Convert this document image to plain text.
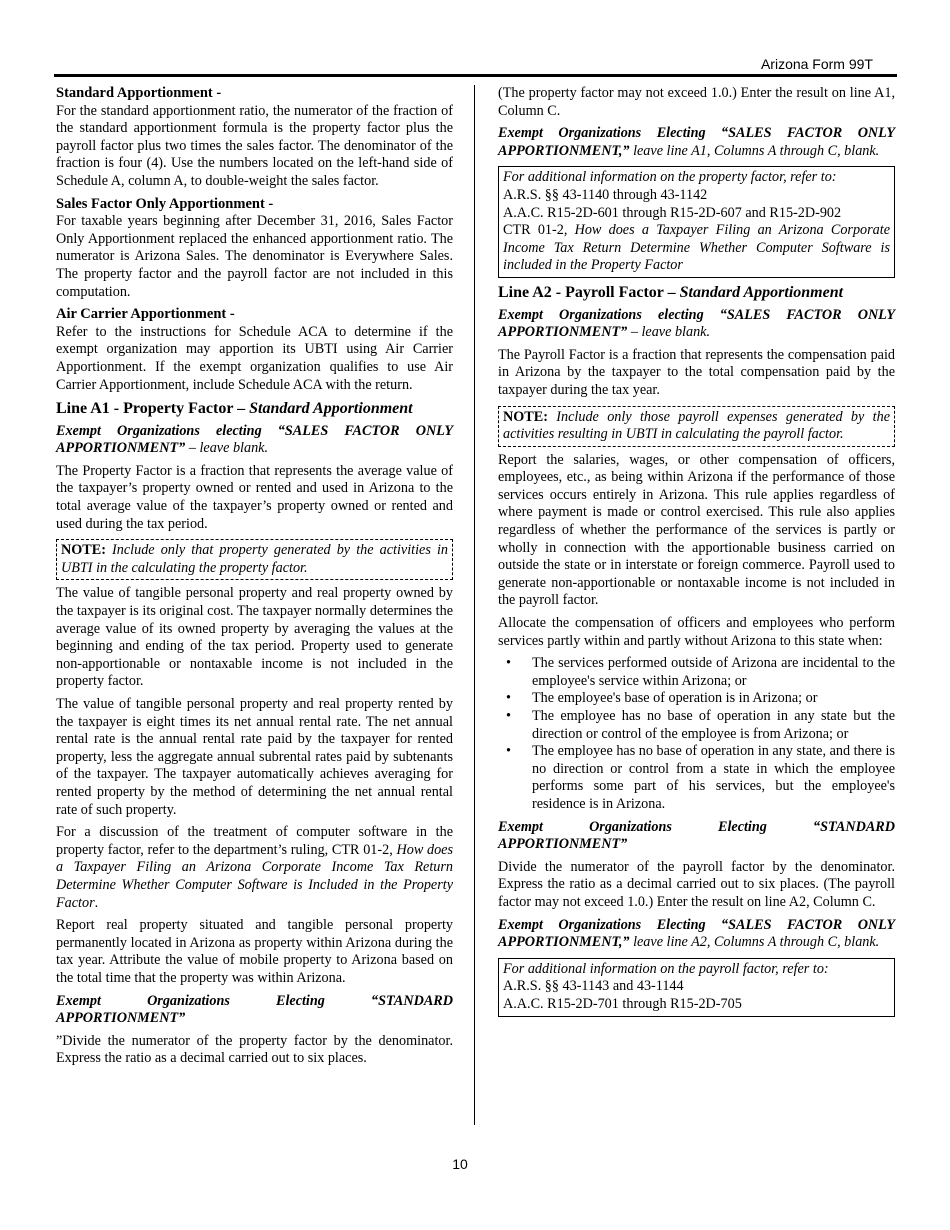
Arizona Form 99T
Standard Apportionment -

For the standard apportionment ratio, the numerator of the fraction of the standard apportionment formula is the property factor plus the payroll factor plus two times the sales factor. The denominator of the fraction is four (4). Use the numbers located on the left-hand side of Schedule A, column A, to double-weight the sales factor.

Sales Factor Only Apportionment -

For taxable years beginning after December 31, 2016, Sales Factor Only Apportionment replaced the enhanced apportionment ratio. The numerator is Arizona Sales. The denominator is Everywhere Sales. The property factor and the payroll factor are not included in this computation.

Air Carrier Apportionment -

Refer to the instructions for Schedule ACA to determine if the exempt organization may apportion its UBTI using Air Carrier Apportionment. If the exempt organization qualifies to use Air Carrier Apportionment, include Schedule ACA with the return.

Line A1 - Property Factor – Standard Apportionment

Exempt Organizations electing “SALES FACTOR ONLY APPORTIONMENT” – leave blank.

The Property Factor is a fraction that represents the average value of the taxpayer’s property owned or rented and used in Arizona to the total average value of the taxpayer’s property owned or rented and used during the tax period.

NOTE: Include only that property generated by the activities in UBTI in the calculating the property factor.

The value of tangible personal property and real property owned by the taxpayer is its original cost. The taxpayer normally determines the average value of its owned property by averaging the values at the beginning and ending of the tax period. Property used to generate non-apportionable or nontaxable income is not included in the property factor.

The value of tangible personal property and real property rented by the taxpayer is eight times its net annual rental rate. The net annual rental rate is the annual rental rate paid by the taxpayer for rented property, less the aggregate annual subrental rates paid by subtenants of the taxpayer. The taxpayer automatically achieves averaging for rented property by the method of determining the net annual rental rate of such property.

For a discussion of the treatment of computer software in the property factor, refer to the department’s ruling, CTR 01-2, How does a Taxpayer Filing an Arizona Corporate Income Tax Return Determine Whether Computer Software is Included in the Property Factor.

Report real property situated and tangible personal property permanently located in Arizona as property within Arizona during the tax year. Attribute the value of mobile property to Arizona based on the total time that the property was within Arizona.

Exempt Organizations Electing “STANDARD APPORTIONMENT”

”Divide the numerator of the property factor by the denominator. Express the ratio as a decimal carried out to six places.

(The property factor may not exceed 1.0.) Enter the result on line A1, Column C.

Exempt Organizations Electing “SALES FACTOR ONLY APPORTIONMENT,” leave line A1, Columns A through C, blank.

For additional information on the property factor, refer to:
A.R.S. §§ 43-1140 through 43-1142
A.A.C. R15-2D-601 through R15-2D-607 and R15-2D-902
CTR 01-2, How does a Taxpayer Filing an Arizona Corporate Income Tax Return Determine Whether Computer Software is included in the Property Factor
Line A2 - Payroll Factor – Standard Apportionment

Exempt Organizations electing “SALES FACTOR ONLY APPORTIONMENT” – leave blank.

The Payroll Factor is a fraction that represents the compensation paid in Arizona by the taxpayer to the total compensation paid by the taxpayer during the tax year.

NOTE: Include only those payroll expenses generated by the activities resulting in UBTI in calculating the payroll factor.

Report the salaries, wages, or other compensation of officers, employees, etc., as being within Arizona if the performance of those services occurs entirely in Arizona. This rule applies regardless of where payment is made or control exercised. This rule also applies regardless of whether the performance of the services is partly or wholly in connection with the apportionable business carried on outside the state or in interstate or foreign commerce. Payroll used to generate non-apportionable or nontaxable income is not included in the payroll factor.

Allocate the compensation of officers and employees who perform services partly within and partly without Arizona to this state when:

• The services performed outside of Arizona are incidental to the employee's service within Arizona; or
• The employee's base of operation is in Arizona; or
• The employee has no base of operation in any state but the direction or control of the employee is from Arizona; or
• The employee has no base of operation in any state, and there is no direction or control from a state in which the employee performs some part of his services, but the employee's residence is in Arizona.

Exempt Organizations Electing “STANDARD APPORTIONMENT”

Divide the numerator of the payroll factor by the denominator. Express the ratio as a decimal carried out to six places. (The payroll factor may not exceed 1.0.) Enter the result on line A2, Column C.

Exempt Organizations Electing “SALES FACTOR ONLY APPORTIONMENT,” leave line A2, Columns A through C, blank.

For additional information on the payroll factor, refer to:
A.R.S. §§ 43-1143 and 43-1144
A.A.C. R15-2D-701 through R15-2D-705
10
